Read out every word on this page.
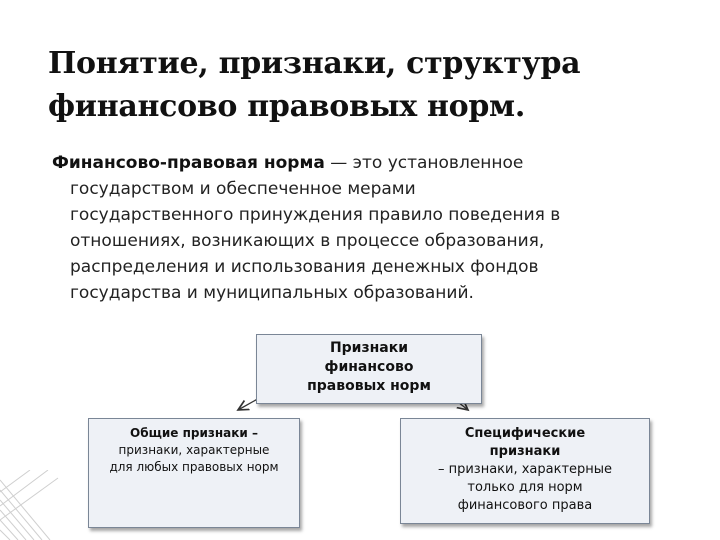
Понятие, признаки, структура
финансово правовых норм.
Финансово-правовая норма — это установленное
государством и обеспеченное мерами
государственного принуждения правило поведения в
отношениях, возникающих в процессе образования,
распределения и использования денежных фондов
государства и муниципальных образований.
Признаки
финансово
правовых норм
Общие признаки –
признаки, характерные
для любых правовых норм
Специфические
признаки
– признаки, характерные
только для норм
финансового права
